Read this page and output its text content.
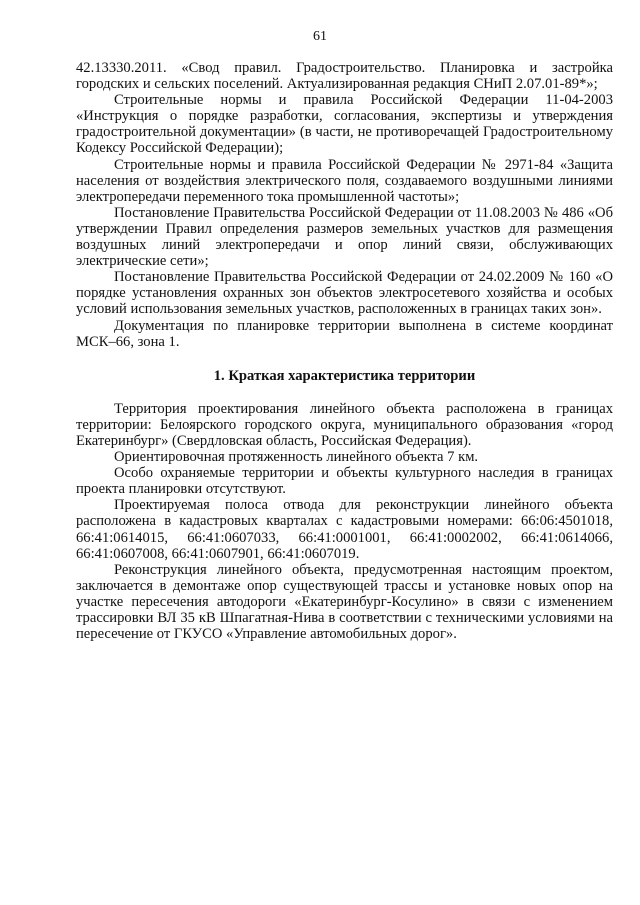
61

42.13330.2011. «Свод правил. Градостроительство. Планировка и застройка городских и сельских поселений. Актуализированная редакция СНиП 2.07.01-89*»;

Строительные нормы и правила Российской Федерации 11-04-2003 «Инструкция о порядке разработки, согласования, экспертизы и утверждения градостроительной документации» (в части, не противоречащей Градостроительному Кодексу Российской Федерации);

Строительные нормы и правила Российской Федерации № 2971-84 «Защита населения от воздействия электрического поля, создаваемого воздушными линиями электропередачи переменного тока промышленной частоты»;

Постановление Правительства Российской Федерации от 11.08.2003 № 486 «Об утверждении Правил определения размеров земельных участков для размещения воздушных линий электропередачи и опор линий связи, обслуживающих электрические сети»;

Постановление Правительства Российской Федерации от 24.02.2009 № 160 «О порядке установления охранных зон объектов электросетевого хозяйства и особых условий использования земельных участков, расположенных в границах таких зон».

Документация по планировке территории выполнена в системе координат МСК–66, зона 1.

1. Краткая характеристика территории

Территория проектирования линейного объекта расположена в границах территории: Белоярского городского округа, муниципального образования «город Екатеринбург» (Свердловская область, Российская Федерация).

Ориентировочная протяженность линейного объекта 7 км.

Особо охраняемые территории и объекты культурного наследия в границах проекта планировки отсутствуют.

Проектируемая полоса отвода для реконструкции линейного объекта расположена в кадастровых кварталах с кадастровыми номерами: 66:06:4501018, 66:41:0614015, 66:41:0607033, 66:41:0001001, 66:41:0002002, 66:41:0614066, 66:41:0607008, 66:41:0607901, 66:41:0607019.

Реконструкция линейного объекта, предусмотренная настоящим проектом, заключается в демонтаже опор существующей трассы и установке новых опор на участке пересечения автодороги «Екатеринбург-Косулино» в связи с изменением трассировки ВЛ 35 кВ Шпагатная-Нива в соответствии с техническими условиями на пересечение от ГКУСО «Управление автомобильных дорог».
